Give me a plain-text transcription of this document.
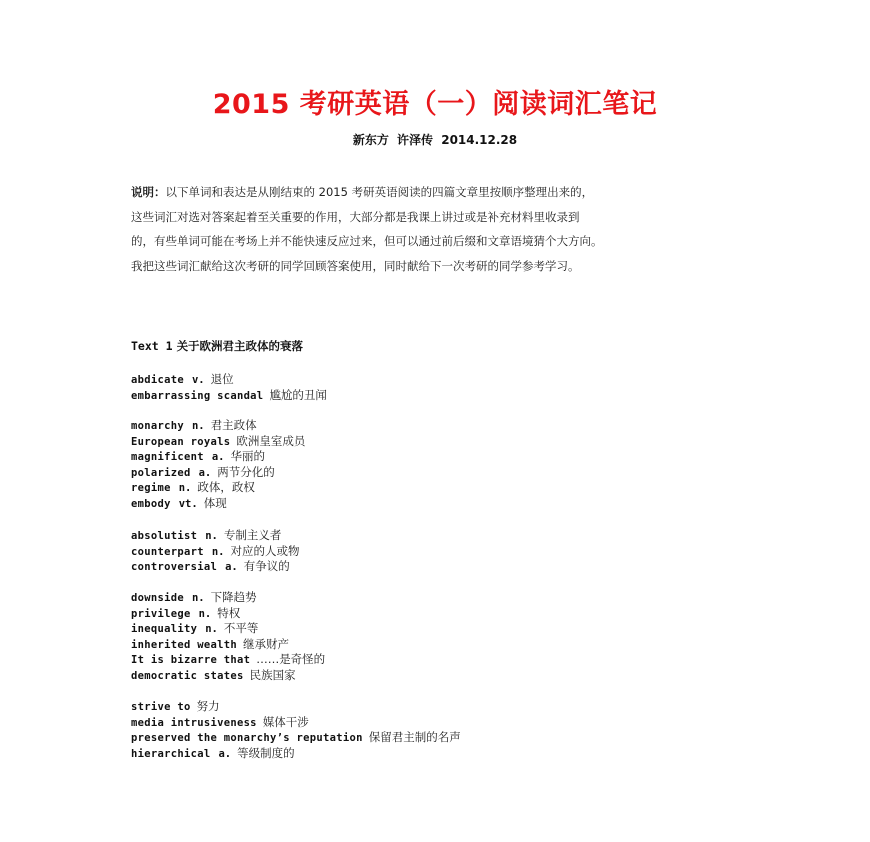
2015 考研英语（一）阅读词汇笔记
新东方 许泽传 2014.12.28
说明：以下单词和表达是从刚结束的 2015 考研英语阅读的四篇文章里按顺序整理出来的，
这些词汇对选对答案起着至关重要的作用，大部分都是我课上讲过或是补充材料里收录到
的，有些单词可能在考场上并不能快速反应过来，但可以通过前后缀和文章语境猜个大方向。
我把这些词汇献给这次考研的同学回顾答案使用，同时献给下一次考研的同学参考学习。
Text 1 关于欧洲君主政体的衰落
abdicate v. 退位
embarrassing scandal 尴尬的丑闻
monarchy n. 君主政体
European royals 欧洲皇室成员
magnificent a. 华丽的
polarized a. 两节分化的
regime n. 政体，政权
embody vt. 体现
absolutist n. 专制主义者
counterpart n. 对应的人或物
controversial a. 有争议的
downside n. 下降趋势
privilege n. 特权
inequality n. 不平等
inherited wealth 继承财产
It is bizarre that ……是奇怪的
democratic states 民族国家
strive to 努力
media intrusiveness 媒体干涉
preserved the monarchy’s reputation 保留君主制的名声
hierarchical a. 等级制度的
